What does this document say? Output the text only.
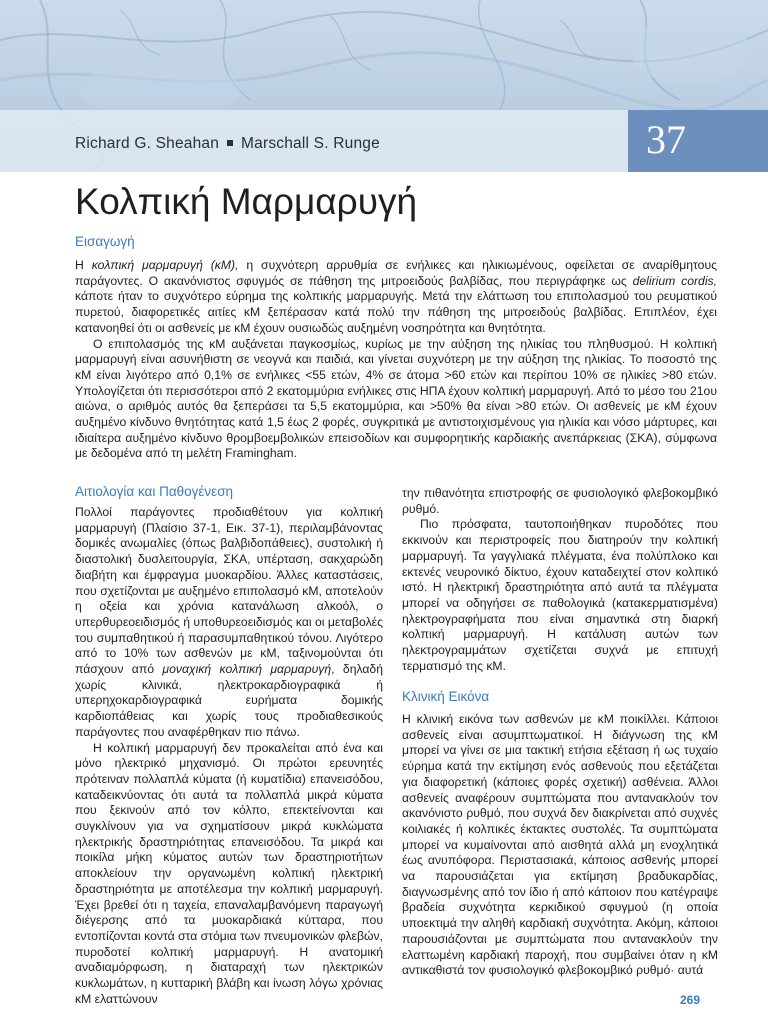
Richard G. Sheahan Marschall S. Runge	37
Κολπική Μαρμαρυγή
Εισαγωγή

Η κολπική μαρμαρυγή (κΜ), η συχνότερη αρρυθμία σε ενήλικες και ηλικιωμένους, οφείλεται σε αναρίθμητους παράγοντες. Ο ακανόνιστος σφυγμός σε πάθηση της μιτροειδούς βαλβίδας, που περιγράφηκε ως delirium cordis, κάποτε ήταν το συχνότερο εύρημα της κολπικής μαρμαρυγής. Μετά την ελάττωση του επιπολασμού του ρευματικού πυρετού, διαφορετικές αιτίες κΜ ξεπέρασαν κατά πολύ την πάθηση της μιτροειδούς βαλβίδας. Επιπλέον, έχει κατανοηθεί ότι οι ασθενείς με κΜ έχουν ουσιωδώς αυξημένη νοσηρότητα και θνητότητα.

Ο επιπολασμός της κΜ αυξάνεται παγκοσμίως, κυρίως με την αύξηση της ηλικίας του πληθυσμού. Η κολπική μαρμαρυγή είναι ασυνήθιστη σε νεογνά και παιδιά, και γίνεται συχνότερη με την αύξηση της ηλικίας. Το ποσοστό της κΜ είναι λιγότερο από 0,1% σε ενήλικες <55 ετών, 4% σε άτομα >60 ετών και περίπου 10% σε ηλικίες >80 ετών. Υπολογίζεται ότι περισσότεροι από 2 εκατομμύρια ενήλικες στις ΗΠΑ έχουν κολπική μαρμαρυγή. Από το μέσο του 21ου αιώνα, ο αριθμός αυτός θα ξεπεράσει τα 5,5 εκατομμύρια, και >50% θα είναι >80 ετών. Οι ασθενείς με κΜ έχουν αυξημένο κίνδυνο θνητότητας κατά 1,5 έως 2 φορές, συγκριτικά με αντιστοιχισμένους για ηλικία και νόσο μάρτυρες, και ιδιαίτερα αυξημένο κίνδυνο θρομβοεμβολικών επεισοδίων και συμφορητικής καρδιακής ανεπάρκειας (ΣΚΑ), σύμφωνα με δεδομένα από τη μελέτη Framingham.

Αιτιολογία και Παθογένεση

Πολλοί παράγοντες προδιαθέτουν για κολπική μαρμαρυγή (Πλαίσιο 37-1, Εικ. 37-1), περιλαμβάνοντας δομικές ανωμαλίες (όπως βαλβιδοπάθειες), συστολική ή διαστολική δυσλειτουργία, ΣΚΑ, υπέρταση, σακχαρώδη διαβήτη και έμφραγμα μυοκαρδίου. Άλλες καταστάσεις, που σχετίζονται με αυξημένο επιπολασμό κΜ, αποτελούν η οξεία και χρόνια κατανάλωση αλκοόλ, ο υπερθυρεοειδισμός ή υποθυρεοειδισμός και οι μεταβολές του συμπαθητικού ή παρασυμπαθητικού τόνου. Λιγότερο από το 10% των ασθενών με κΜ, ταξινομούνται ότι πάσχουν από μοναχική κολπική μαρμαρυγή, δηλαδή χωρίς κλινικά, ηλεκτροκαρδιογραφικά ή υπερηχοκαρδιογραφικά ευρήματα δομικής καρδιοπάθειας και χωρίς τους προδιαθεσικούς παράγοντες που αναφέρθηκαν πιο πάνω.

Η κολπική μαρμαρυγή δεν προκαλείται από ένα και μόνο ηλεκτρικό μηχανισμό. Οι πρώτοι ερευνητές πρότειναν πολλαπλά κύματα (ή κυματίδια) επανεισόδου, καταδεικνύοντας ότι αυτά τα πολλαπλά μικρά κύματα που ξεκινούν από τον κόλπο, επεκτείνονται και συγκλίνουν για να σχηματίσουν μικρά κυκλώματα ηλεκτρικής δραστηριότητας επανεισόδου. Τα μικρά και ποικίλα μήκη κύματος αυτών των δραστηριοτήτων αποκλείουν την οργανωμένη κολπική ηλεκτρική δραστηριότητα με αποτέλεσμα την κολπική μαρμαρυγή. Έχει βρεθεί ότι η ταχεία, επαναλαμβανόμενη παραγωγή διέγερσης από τα μυοκαρδιακά κύτταρα, που εντοπίζονται κοντά στα στόμια των πνευμονικών φλεβών, πυροδοτεί κολπική μαρμαρυγή. Η ανατομική αναδιαμόρφωση, η διαταραχή των ηλεκτρικών κυκλωμάτων, η κυτταρική βλάβη και ίνωση λόγω χρόνιας κΜ ελαττώνουν

την πιθανότητα επιστροφής σε φυσιολογικό φλεβοκομβικό ρυθμό.

Πιο πρόσφατα, ταυτοποιήθηκαν πυροδότες που εκκινούν και περιστροφείς που διατηρούν την κολπική μαρμαρυγή. Τα γαγγλιακά πλέγματα, ένα πολύπλοκο και εκτενές νευρονικό δίκτυο, έχουν καταδειχτεί στον κολπικό ιστό. Η ηλεκτρική δραστηριότητα από αυτά τα πλέγματα μπορεί να οδηγήσει σε παθολογικά (κατακερματισμένα) ηλεκτρογραφήματα που είναι σημαντικά στη διαρκή κολπική μαρμαρυγή. Η κατάλυση αυτών των ηλεκτρογραμμάτων σχετίζεται συχνά με επιτυχή τερματισμό της κΜ.

Κλινική Εικόνα

Η κλινική εικόνα των ασθενών με κΜ ποικίλλει. Κάποιοι ασθενείς είναι ασυμπτωματικοί. Η διάγνωση της κΜ μπορεί να γίνει σε μια τακτική ετήσια εξέταση ή ως τυχαίο εύρημα κατά την εκτίμηση ενός ασθενούς που εξετάζεται για διαφορετική (κάποιες φορές σχετική) ασθένεια. Άλλοι ασθενείς αναφέρουν συμπτώματα που αντανακλούν τον ακανόνιστο ρυθμό, που συχνά δεν διακρίνεται από συχνές κοιλιακές ή κολπικές έκτακτες συστολές. Τα συμπτώματα μπορεί να κυμαίνονται από αισθητά αλλά μη ενοχλητικά έως ανυπόφορα. Περιστασιακά, κάποιος ασθενής μπορεί να παρουσιάζεται για εκτίμηση βραδυκαρδίας, διαγνωσμένης από τον ίδιο ή από κάποιον που κατέγραψε βραδεία συχνότητα κερκιδικού σφυγμού (η οποία υποεκτιμά την αληθή καρδιακή συχνότητα. Ακόμη, κάποιοι παρουσιάζονται με συμπτώματα που αντανακλούν την ελαττωμένη καρδιακή παροχή, που συμβαίνει όταν η κΜ αντικαθιστά τον φυσιολογικό φλεβοκομβικό ρυθμό· αυτά

269
